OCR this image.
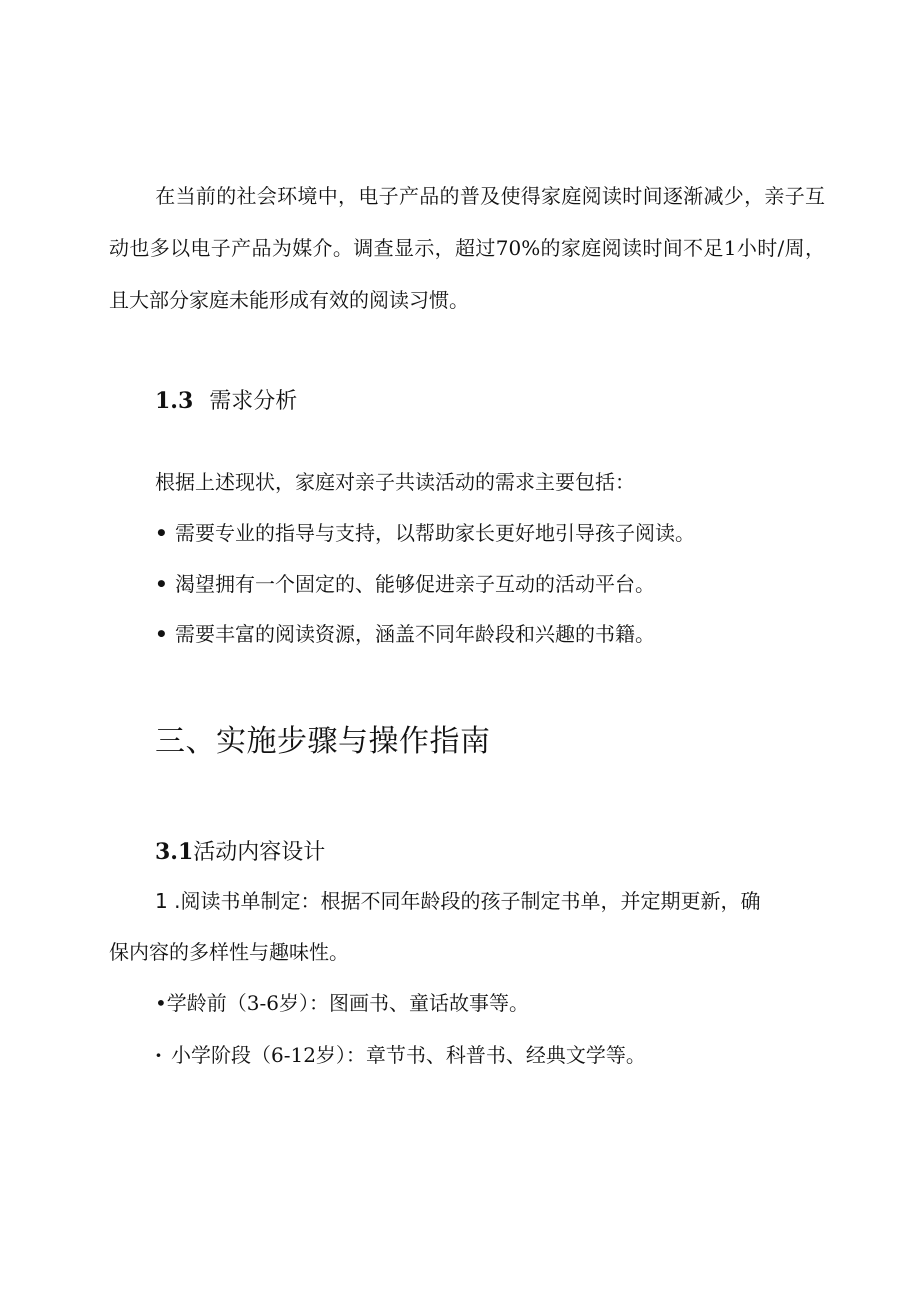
在当前的社会环境中，电子产品的普及使得家庭阅读时间逐渐减少，亲子互动也多以电子产品为媒介。调查显示，超过70%的家庭阅读时间不足1小时/周，且大部分家庭未能形成有效的阅读习惯。
1.3 需求分析
根据上述现状，家庭对亲子共读活动的需求主要包括：
• 需要专业的指导与支持，以帮助家长更好地引导孩子阅读。
• 渴望拥有一个固定的、能够促进亲子互动的活动平台。
• 需要丰富的阅读资源，涵盖不同年龄段和兴趣的书籍。
三、实施步骤与操作指南
3.1活动内容设计
1 .阅读书单制定：根据不同年龄段的孩子制定书单，并定期更新，确
保内容的多样性与趣味性。
•学龄前（3-6岁）：图画书、童话故事等。
· 小学阶段（6-12岁）：章节书、科普书、经典文学等。
